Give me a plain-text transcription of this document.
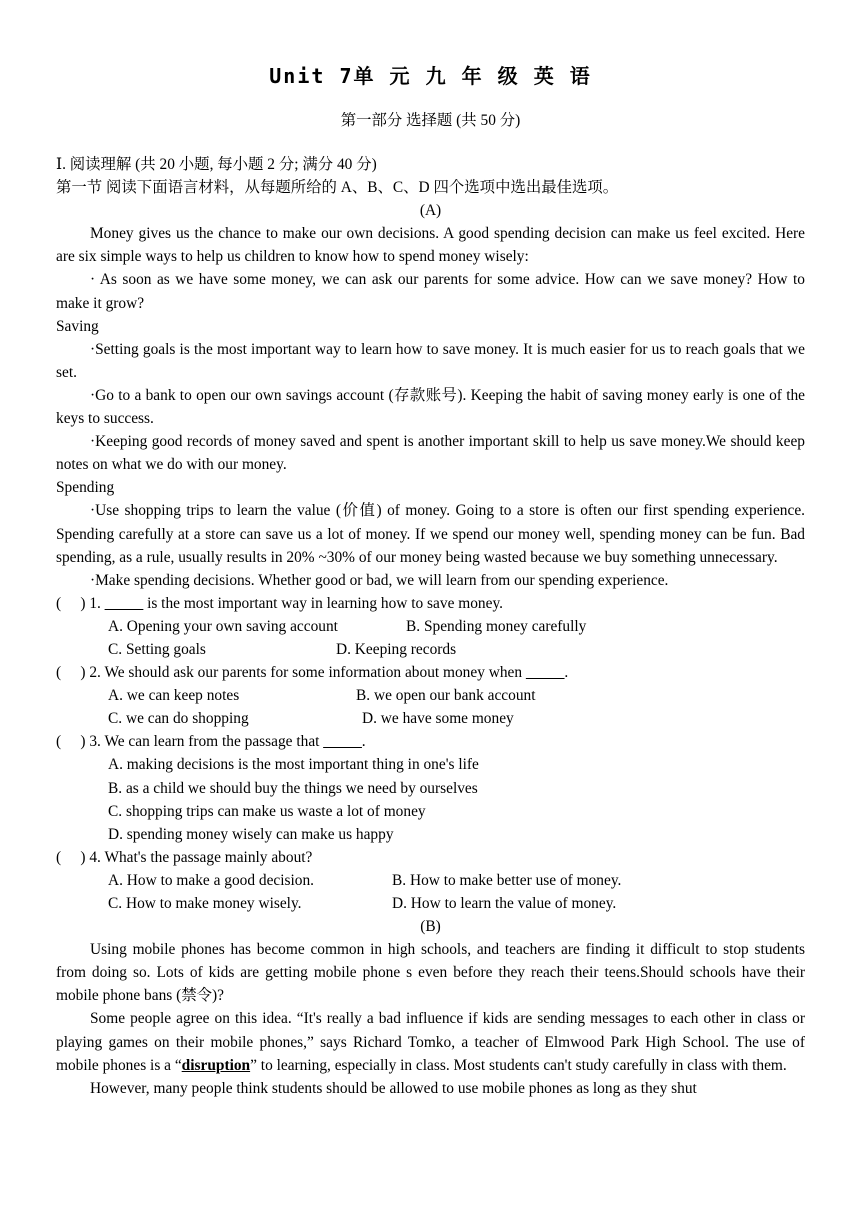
Unit 7单 元 九 年 级 英 语
第一部分 选择题 (共 50 分)
Ⅰ. 阅读理解 (共 20 小题, 每小题 2 分; 满分 40 分)
第一节 阅读下面语言材料，从每题所给的 A、B、C、D 四个选项中选出最佳选项。
(A)

Money gives us the chance to make our own decisions. A good spending decision can make us feel excited. Here are six simple ways to help us children to know how to spend money wisely:

· As soon as we have some money, we can ask our parents for some advice. How can we save money? How to make it grow?

Saving

·Setting goals is the most important way to learn how to save money. It is much easier for us to reach goals that we set.

·Go to a bank to open our own savings account (存款账号). Keeping the habit of saving money early is one of the keys to success.

·Keeping good records of money saved and spent is another important skill to help us save money.We should keep notes on what we do with our money.

Spending

·Use shopping trips to learn the value (价值) of money. Going to a store is often our first spending experience. Spending carefully at a store can save us a lot of money. If we spend our money well, spending money can be fun. Bad spending, as a rule, usually results in 20% ~30% of our money being wasted because we buy something unnecessary.

·Make spending decisions. Whether good or bad, we will learn from our spending experience.

(     ) 1. _____ is the most important way in learning how to save money.
A. Opening your own saving account	B. Spending money carefully
C. Setting goals	D. Keeping records
(     ) 2. We should ask our parents for some information about money when _____.
A. we can keep notes	B. we open our bank account
C. we can do shopping	D. we have some money
(     ) 3. We can learn from the passage that _____.
A. making decisions is the most important thing in one's life
B. as a child we should buy the things we need by ourselves
C. shopping trips can make us waste a lot of money
D. spending money wisely can make us happy
(     ) 4. What's the passage mainly about?
A. How to make a good decision.	B. How to make better use of money.
C. How to make money wisely.	D. How to learn the value of money.
(B)

Using mobile phones has become common in high schools, and teachers are finding it difficult to stop students from doing so. Lots of kids are getting mobile phone s even before they reach their teens.Should schools have their mobile phone bans (禁令)?

Some people agree on this idea. “It's really a bad influence if kids are sending messages to each other in class or playing games on their mobile phones,” says Richard Tomko, a teacher of Elmwood Park High School. The use of mobile phones is a “disruption” to learning, especially in class. Most students can't study carefully in class with them.

However, many people think students should be allowed to use mobile phones as long as they shut
